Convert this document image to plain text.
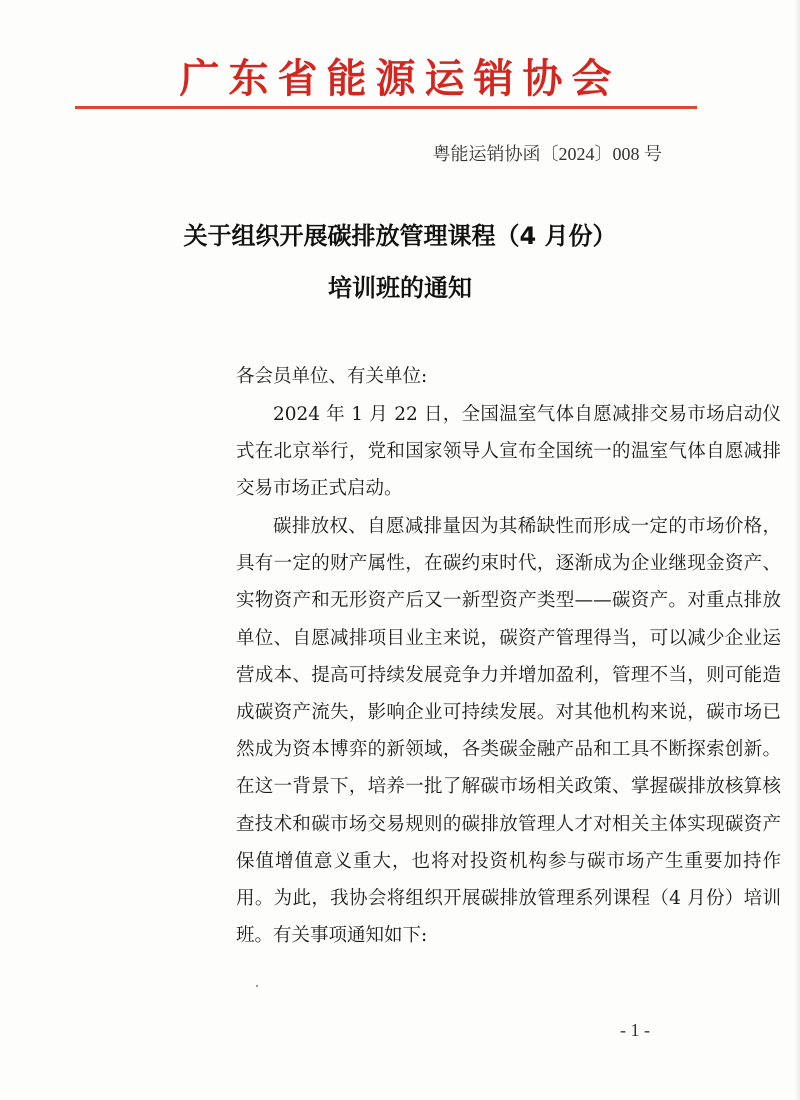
广东省能源运销协会
粤能运销协函〔2024〕008 号
关于组织开展碳排放管理课程（4 月份）
培训班的通知
各会员单位、有关单位:

2024 年 1 月 22 日，全国温室气体自愿减排交易市场启动仪式在北京举行，党和国家领导人宣布全国统一的温室气体自愿减排交易市场正式启动。

碳排放权、自愿减排量因为其稀缺性而形成一定的市场价格，具有一定的财产属性，在碳约束时代，逐渐成为企业继现金资产、实物资产和无形资产后又一新型资产类型——碳资产。对重点排放单位、自愿减排项目业主来说，碳资产管理得当，可以减少企业运营成本、提高可持续发展竞争力并增加盈利，管理不当，则可能造成碳资产流失，影响企业可持续发展。对其他机构来说，碳市场已然成为资本博弈的新领域，各类碳金融产品和工具不断探索创新。在这一背景下，培养一批了解碳市场相关政策、掌握碳排放核算核查技术和碳市场交易规则的碳排放管理人才对相关主体实现碳资产保值增值意义重大，也将对投资机构参与碳市场产生重要加持作用。为此，我协会将组织开展碳排放管理系列课程（4 月份）培训班。有关事项通知如下:

- 1 -
